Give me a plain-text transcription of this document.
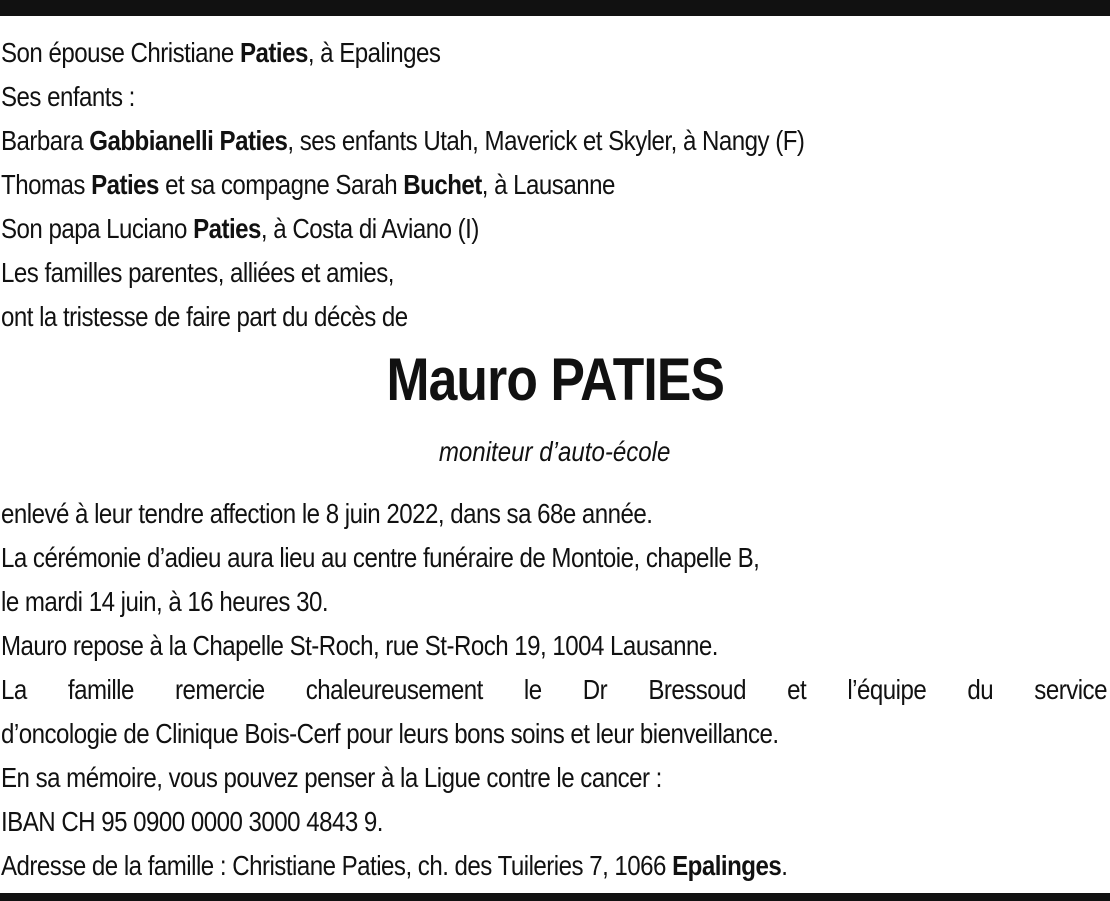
Son épouse Christiane Paties, à Epalinges
Ses enfants :
Barbara Gabbianelli Paties, ses enfants Utah, Maverick et Skyler, à Nangy (F)
Thomas Paties et sa compagne Sarah Buchet, à Lausanne
Son papa Luciano Paties, à Costa di Aviano (I)
Les familles parentes, alliées et amies,
ont la tristesse de faire part du décès de
Mauro PATIES
moniteur d’auto-école
enlevé à leur tendre affection le 8 juin 2022, dans sa 68e année.
La cérémonie d’adieu aura lieu au centre funéraire de Montoie, chapelle B,
le mardi 14 juin, à 16 heures 30.
Mauro repose à la Chapelle St-Roch, rue St-Roch 19, 1004 Lausanne.
La famille remercie chaleureusement le Dr Bressoud et l’équipe du service
d’oncologie de Clinique Bois-Cerf pour leurs bons soins et leur bienveillance.
En sa mémoire, vous pouvez penser à la Ligue contre le cancer :
IBAN CH 95 0900 0000 3000 4843 9.
Adresse de la famille : Christiane Paties, ch. des Tuileries 7, 1066 Epalinges.
